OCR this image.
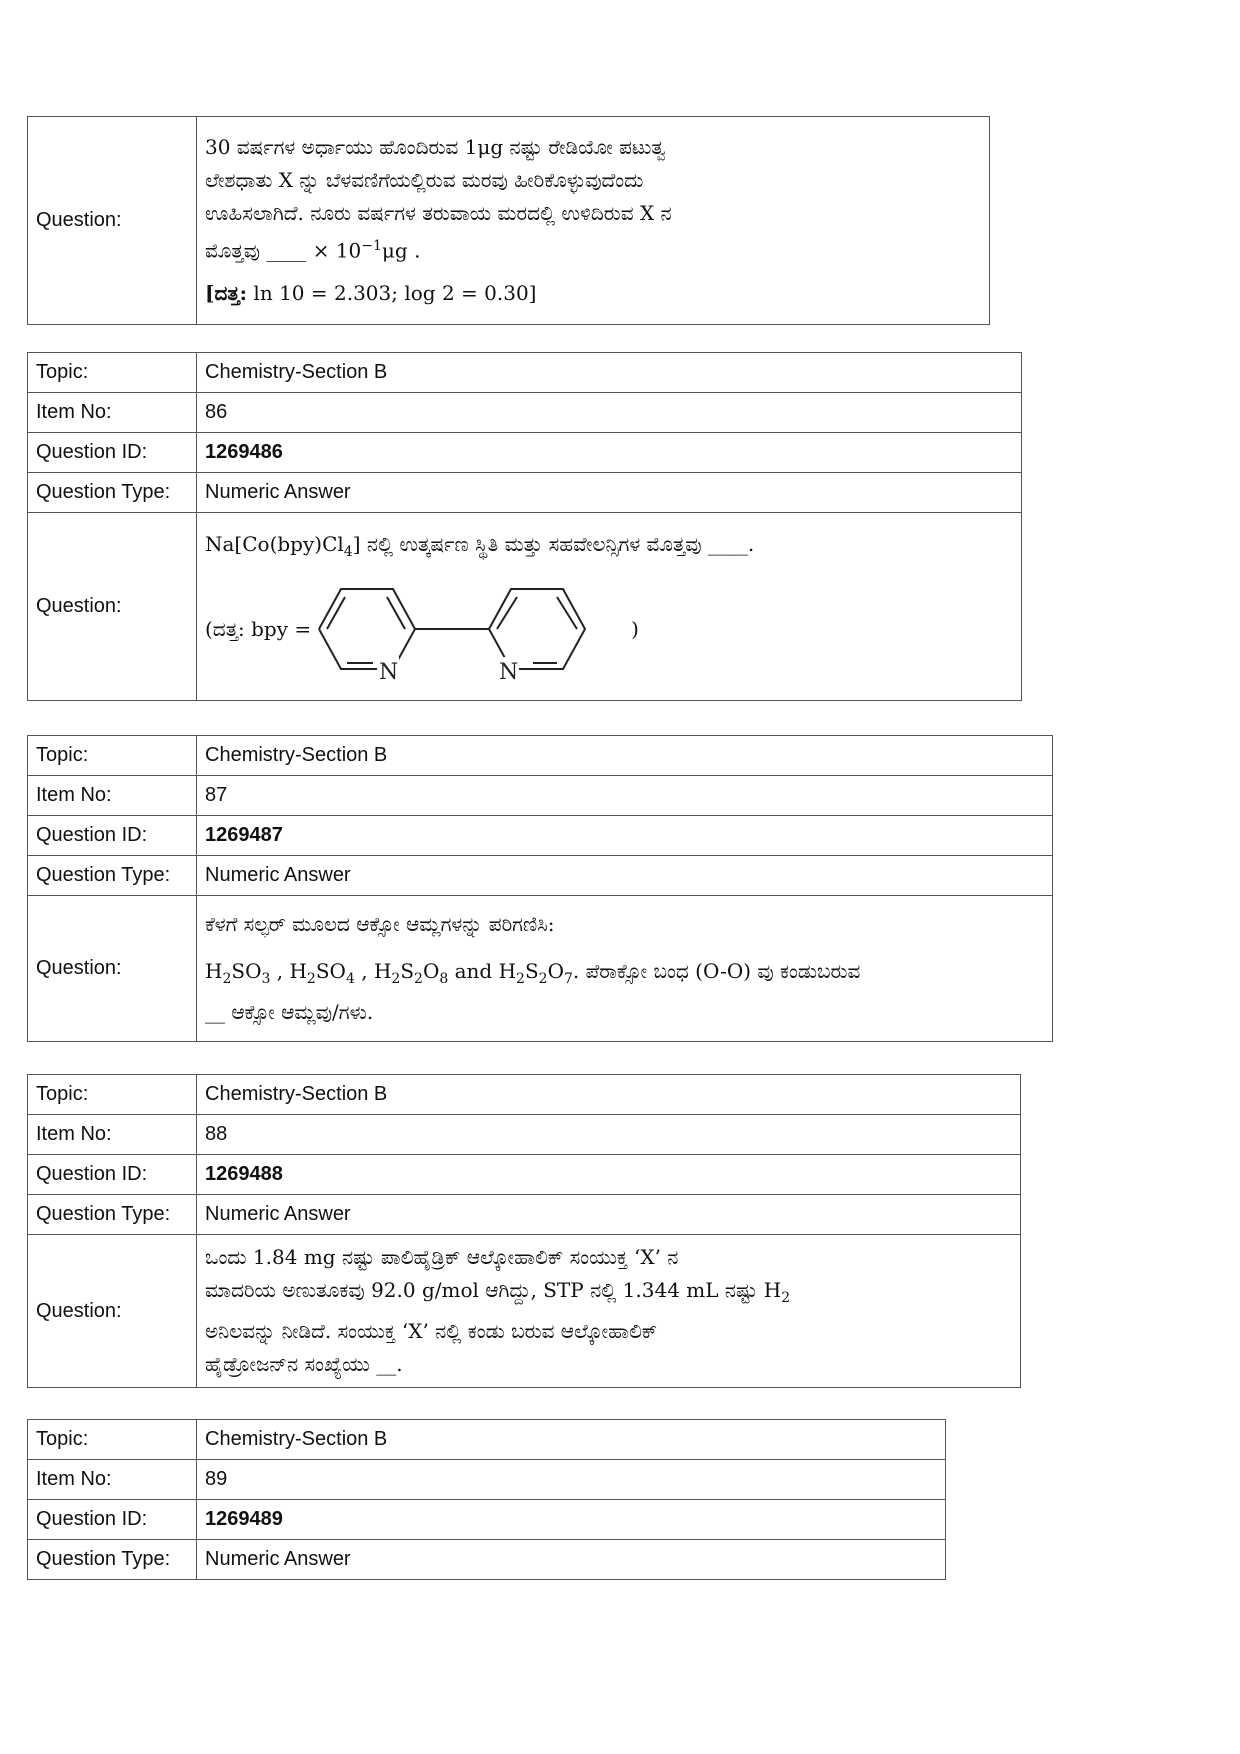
Question:	

30 ವರ್ಷಗಳ ಅರ್ಧಾಯು ಹೊಂದಿರುವ 1μg ನಷ್ಟು ರೇಡಿಯೋ ಪಟುತ್ವ

ಲೇಶಧಾತು X ನ್ನು ಬೆಳವಣಿಗೆಯಲ್ಲಿರುವ ಮರವು ಹೀರಿಕೊಳ್ಳುವುದೆಂದು

ಊಹಿಸಲಾಗಿದೆ. ನೂರು ವರ್ಷಗಳ ತರುವಾಯ ಮರದಲ್ಲಿ ಉಳಿದಿರುವ X ನ

ಮೊತ್ತವು ____ × $10^{-1}\mu g$ .

[ದತ್ತ: ln 10 = 2.303; log 2 = 0.30]

Topic:	Chemistry-Section B
Item No:	86
Question ID:	1269486
Question Type:	Numeric Answer
Question:	$Na[Co(bpy)Cl_4]$ ನಲ್ಲಿ ಉತ್ಕರ್ಷಣ ಸ್ಥಿತಿ ಮತ್ತು ಸಹವೇಲನ್ಸಿಗಳ ಮೊತ್ತವು ____.

(ದತ್ತ: bpy =
N N
)
Topic:	Chemistry-Section B
Item No:	87
Question ID:	1269487
Question Type:	Numeric Answer
Question:	ಕೆಳಗೆ ಸಲ್ಫರ್ ಮೂಲದ ಆಕ್ಸೋ ಆಮ್ಲಗಳನ್ನು ಪರಿಗಣಿಸಿ:

$H_2SO_3$ , $H_2SO_4$ , $H_2S_2O_8$ and $H_2S_2O_7$. ಪೆರಾಕ್ಸೋ ಬಂಧ (O-O) ವು ಕಂಡುಬರುವ

__ ಆಕ್ಸೋ ಆಮ್ಲವು/ಗಳು.

Topic:	Chemistry-Section B
Item No:	88
Question ID:	1269488
Question Type:	Numeric Answer
Question:	ಒಂದು 1.84 mg ನಷ್ಟು ಪಾಲಿಹೈಡ್ರಿಕ್ ಆಲ್ಕೋಹಾಲಿಕ್ ಸಂಯುಕ್ತ ‘X’ ನ

ಮಾದರಿಯ ಅಣುತೂಕವು 92.0 g/mol ಆಗಿದ್ದು, STP ನಲ್ಲಿ 1.344 mL ನಷ್ಟು $H_2$

ಅನಿಲವನ್ನು ನೀಡಿದೆ. ಸಂಯುಕ್ತ ‘X’ ನಲ್ಲಿ ಕಂಡು ಬರುವ ಆಲ್ಕೋಹಾಲಿಕ್

ಹೈಡ್ರೋಜನ್‌ನ ಸಂಖ್ಯೆಯು __.

Topic:	Chemistry-Section B
Item No:	89
Question ID:	1269489
Question Type:	Numeric Answer
